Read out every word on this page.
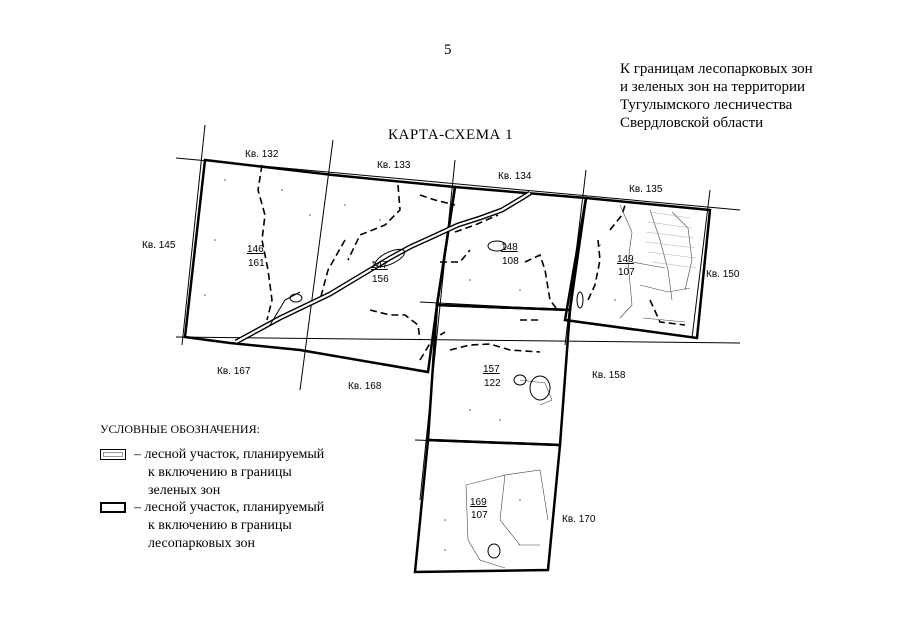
5
К границам лесопарковых зон
и зеленых зон на территории
Тугулымского лесничества
Свердловской области
КАРТА-СХЕМА 1
Кв. 132
Кв. 133
Кв. 134
Кв. 135
Кв. 145
Кв. 150
Кв. 158
Кв. 167
Кв. 168
Кв. 170
146
161	147
156
148
108	149
107
157
122
169
107
УСЛОВНЫЕ ОБОЗНАЧЕНИЯ:
– лесной участок, планируемый
к включению в границы
зеленых зон
– лесной участок, планируемый
к включению в границы
лесопарковых зон
